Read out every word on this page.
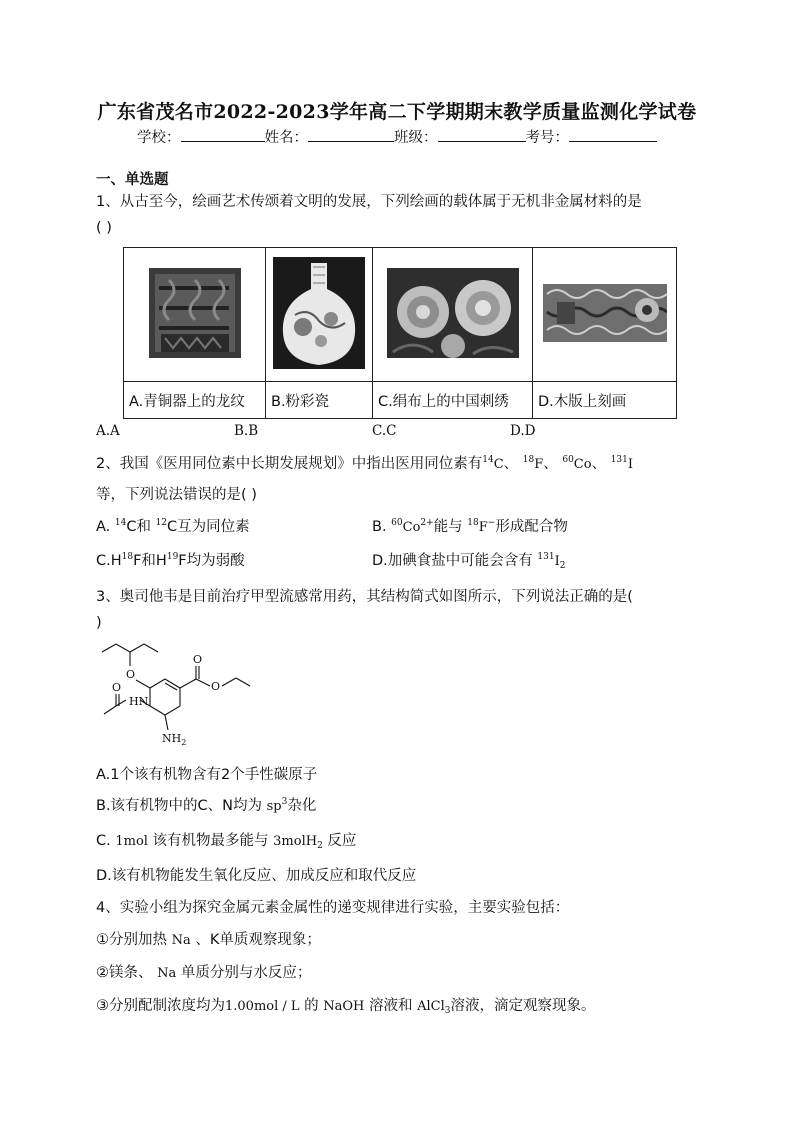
广东省茂名市2022-2023学年高二下学期期末教学质量监测化学试卷
学校：	姓名：	班级：	考号：
一、单选题
1、从古至今，绘画艺术传颂着文明的发展，下列绘画的载体属于无机非金属材料的是
( )

A.青铜器上的龙纹	B.粉彩瓷	C.绢布上的中国刺绣	D.木版上刻画
A.A	B.B	C.C	D.D
2、我国《医用同位素中长期发展规划》中指出医用同位素有$^{14}$C、 $^{18}$F、 $^{60}$Co、 $^{131}$I
等，下列说法错误的是( )
A. $^{14}$C和 $^{12}$C互为同位素	B. $^{60}Co^{2+}$能与 $^{18}$F−形成配合物
$C.H^{18}F$和$H^{19}F$均为弱酸	D.加碘食盐中可能会含有 $^{131}I_2$
3、奥司他韦是目前治疗甲型流感常用药，其结构简式如图所示，下列说法正确的是(
)
O
HN
O
O
O
$NH_2$
A.1个该有机物含有2个手性碳原子
B.该有机物中的C、N均为 $sp^3$杂化
C. 1mol 该有机物最多能与 3molH$_2$ 反应
D.该有机物能发生氧化反应、加成反应和取代反应
4、实验小组为探究金属元素金属性的递变规律进行实验，主要实验包括：
①分别加热 Na 、K单质观察现象；
②镁条、 Na 单质分别与水反应；
③分别配制浓度均为1.00mol / L 的 NaOH 溶液和 AlCl$_3$溶液，滴定观察现象。
